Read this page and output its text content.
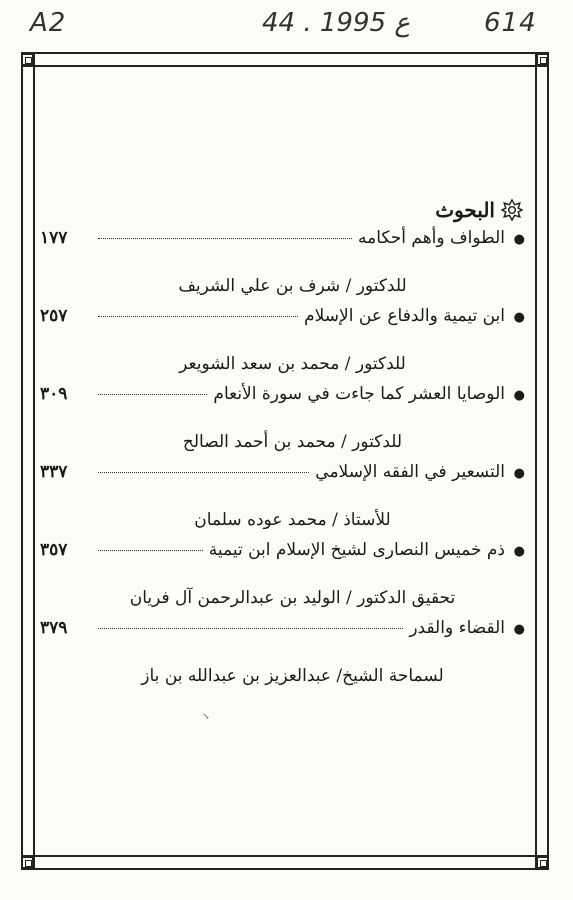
A2	44 . ع 1995	614
البحوث
●
الطواف وأهم أحكامه
١٧٧
للدكتور / شرف بن علي الشريف
●
ابن تيمية والدفاع عن الإسلام
٢٥٧
للدكتور / محمد بن سعد الشويعر
●
الوصايا العشر كما جاءت في سورة الأنعام
٣٠٩
للدكتور / محمد بن أحمد الصالح
●
التسعير في الفقه الإسلامي
٣٣٧
للأستاذ / محمد عوده سلمان
●
ذم خميس النصارى لشيخ الإسلام ابن تيمية
٣٥٧
تحقيق الدكتور / الوليد بن عبدالرحمن آل فريان
●
القضاء والقدر
٣٧٩
لسماحة الشيخ/ عبدالعزيز بن عبدالله بن باز
↘
